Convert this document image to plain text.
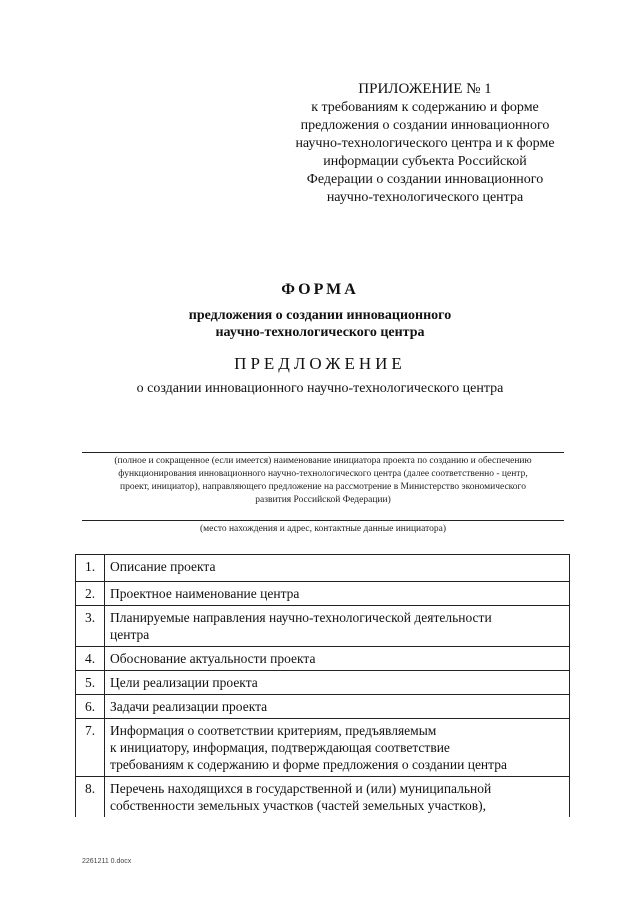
ПРИЛОЖЕНИЕ № 1
к требованиям к содержанию и форме
предложения о создании инновационного
научно-технологического центра и к форме
информации субъекта Российской
Федерации о создании инновационного
научно-технологического центра
ФОРМА
предложения о создании инновационного
научно-технологического центра
ПРЕДЛОЖЕНИЕ
о создании инновационного научно-технологического центра
(полное и сокращенное (если имеется) наименование инициатора проекта по созданию и обеспечению
функционирования инновационного научно-технологического центра (далее соответственно - центр,
проект, инициатор), направляющего предложение на рассмотрение в Министерство экономического
развития Российской Федерации)
(место нахождения и адрес, контактные данные инициатора)
1.	Описание проекта

2.	Проектное наименование центра

3.	Планируемые направления научно-технологической деятельности
центра

4.	Обоснование актуальности проекта

5.	Цели реализации проекта

6.	Задачи реализации проекта

7.	Информация о соответствии критериям, предъявляемым
к инициатору, информация, подтверждающая соответствие
требованиям к содержанию и форме предложения о создании центра

8.	Перечень находящихся в государственной и (или) муниципальной
собственности земельных участков (частей земельных участков),
2261211 0.docx
